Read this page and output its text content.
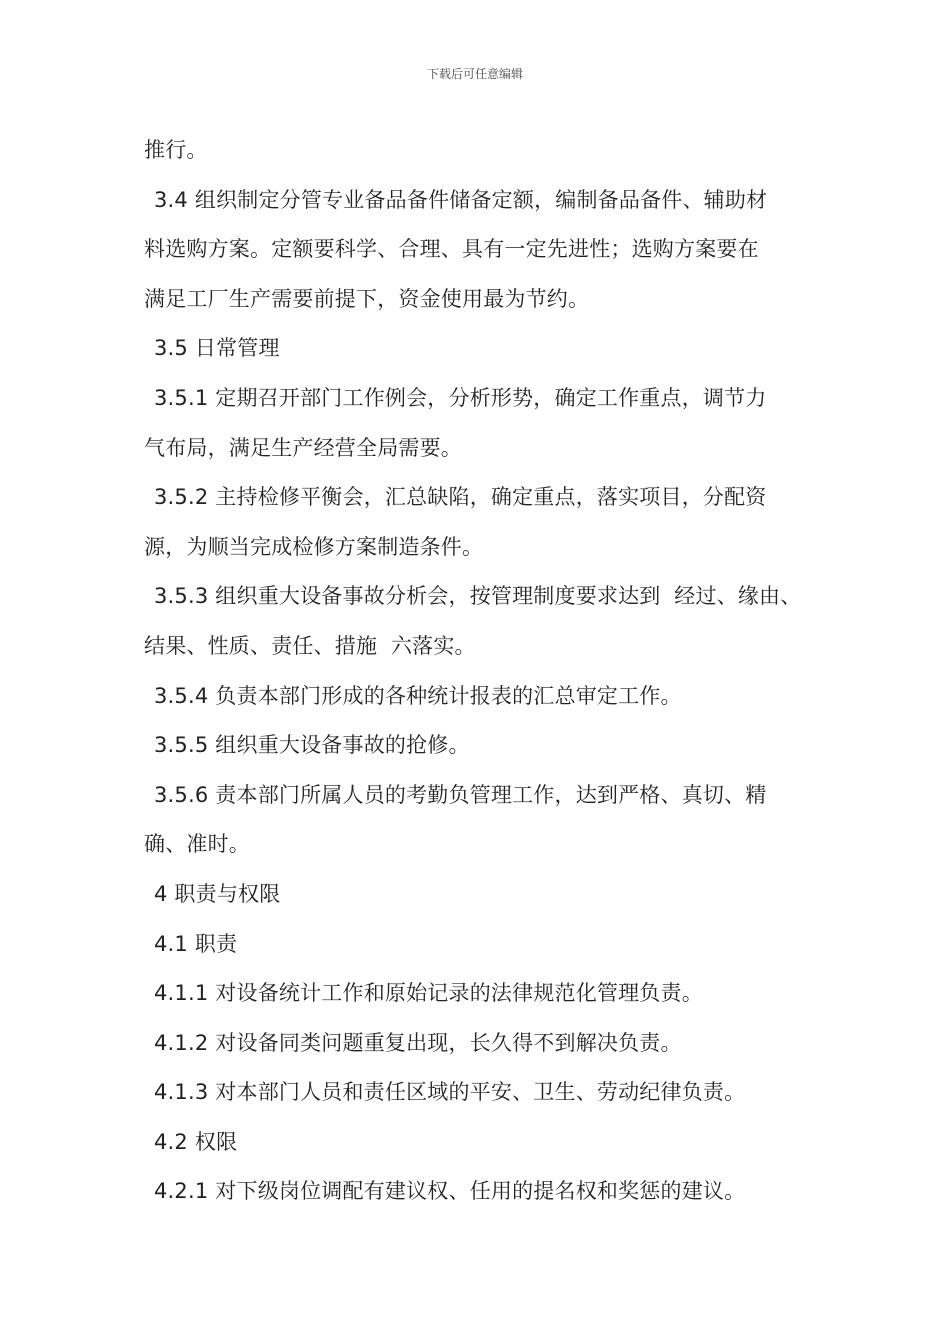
下载后可任意编辑
推行。
3.4 组织制定分管专业备品备件储备定额，编制备品备件、辅助材
料选购方案。定额要科学、合理、具有一定先进性；选购方案要在
满足工厂生产需要前提下，资金使用最为节约。
3.5 日常管理
3.5.1 定期召开部门工作例会，分析形势，确定工作重点，调节力
气布局，满足生产经营全局需要。
3.5.2 主持检修平衡会，汇总缺陷，确定重点，落实项目，分配资
源，为顺当完成检修方案制造条件。
3.5.3 组织重大设备事故分析会，按管理制度要求达到  经过、缘由、
结果、性质、责任、措施  六落实。
3.5.4 负责本部门形成的各种统计报表的汇总审定工作。
3.5.5 组织重大设备事故的抢修。
3.5.6 责本部门所属人员的考勤负管理工作，达到严格、真切、精
确、准时。
4 职责与权限
4.1 职责
4.1.1 对设备统计工作和原始记录的法律规范化管理负责。
4.1.2 对设备同类问题重复出现，长久得不到解决负责。
4.1.3 对本部门人员和责任区域的平安、卫生、劳动纪律负责。
4.2 权限
4.2.1 对下级岗位调配有建议权、任用的提名权和奖惩的建议。
